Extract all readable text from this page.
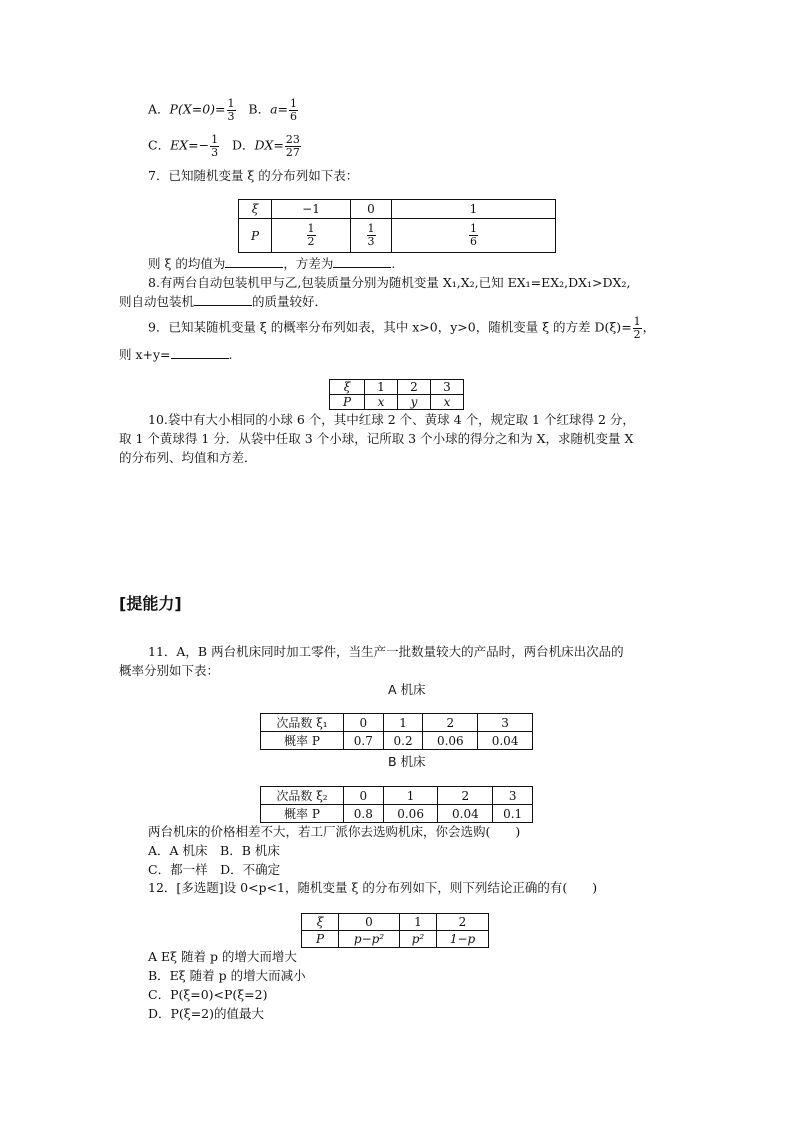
A．$P(X=0)= \frac{1}{3}$ B．$a= \frac{1}{6}$
C．$EX=- \frac{1}{3}$ D．$DX= \frac{23}{27}$
7．已知随机变量 ξ 的分布列如下表：
ξ	−1	0	1
P	$\frac{1}{2}$	$\frac{1}{3}$	$\frac{1}{6}$
则 ξ 的均值为	，方差为	.
8.有两台自动包装机甲与乙,包装质量分别为随机变量 X₁,X₂,已知 EX₁=EX₂,DX₁>DX₂,
则自动包装机	的质量较好．
9．已知某随机变量 ξ 的概率分布列如表，其中 x>0，y>0，随机变量 ξ 的方差 $D(\xi)= \frac{1}{2}$ ，
则 x+y=	.
ξ	1	2	3
P	x	y	x
10.袋中有大小相同的小球 6 个，其中红球 2 个、黄球 4 个，规定取 1 个红球得 2 分，
取 1 个黄球得 1 分．从袋中任取 3 个小球，记所取 3 个小球的得分之和为 X，求随机变量 X
的分布列、均值和方差．
[提能力]
11．A，B 两台机床同时加工零件，当生产一批数量较大的产品时，两台机床出次品的
概率分别如下表：
A 机床
次品数 ξ₁	0	1	2	3
概率 P	0.7	0.2	0.06	0.04
B 机床
次品数 ξ₂	0	1	2	3
概率 P	0.8	0.06	0.04	0.1
两台机床的价格相差不大，若工厂派你去选购机床，你会选购(　　)
A．A 机床　B．B 机床
C．都一样　D．不确定
12．[多选题]设 0<p<1，随机变量 ξ 的分布列如下，则下列结论正确的有(　　)
ξ	0	1	2
P	p−p²	p²	1−p
A Eξ 随着 p 的增大而增大
B．Eξ 随着 p 的增大而减小
C．P(ξ=0)<P(ξ=2)
D．P(ξ=2)的值最大
